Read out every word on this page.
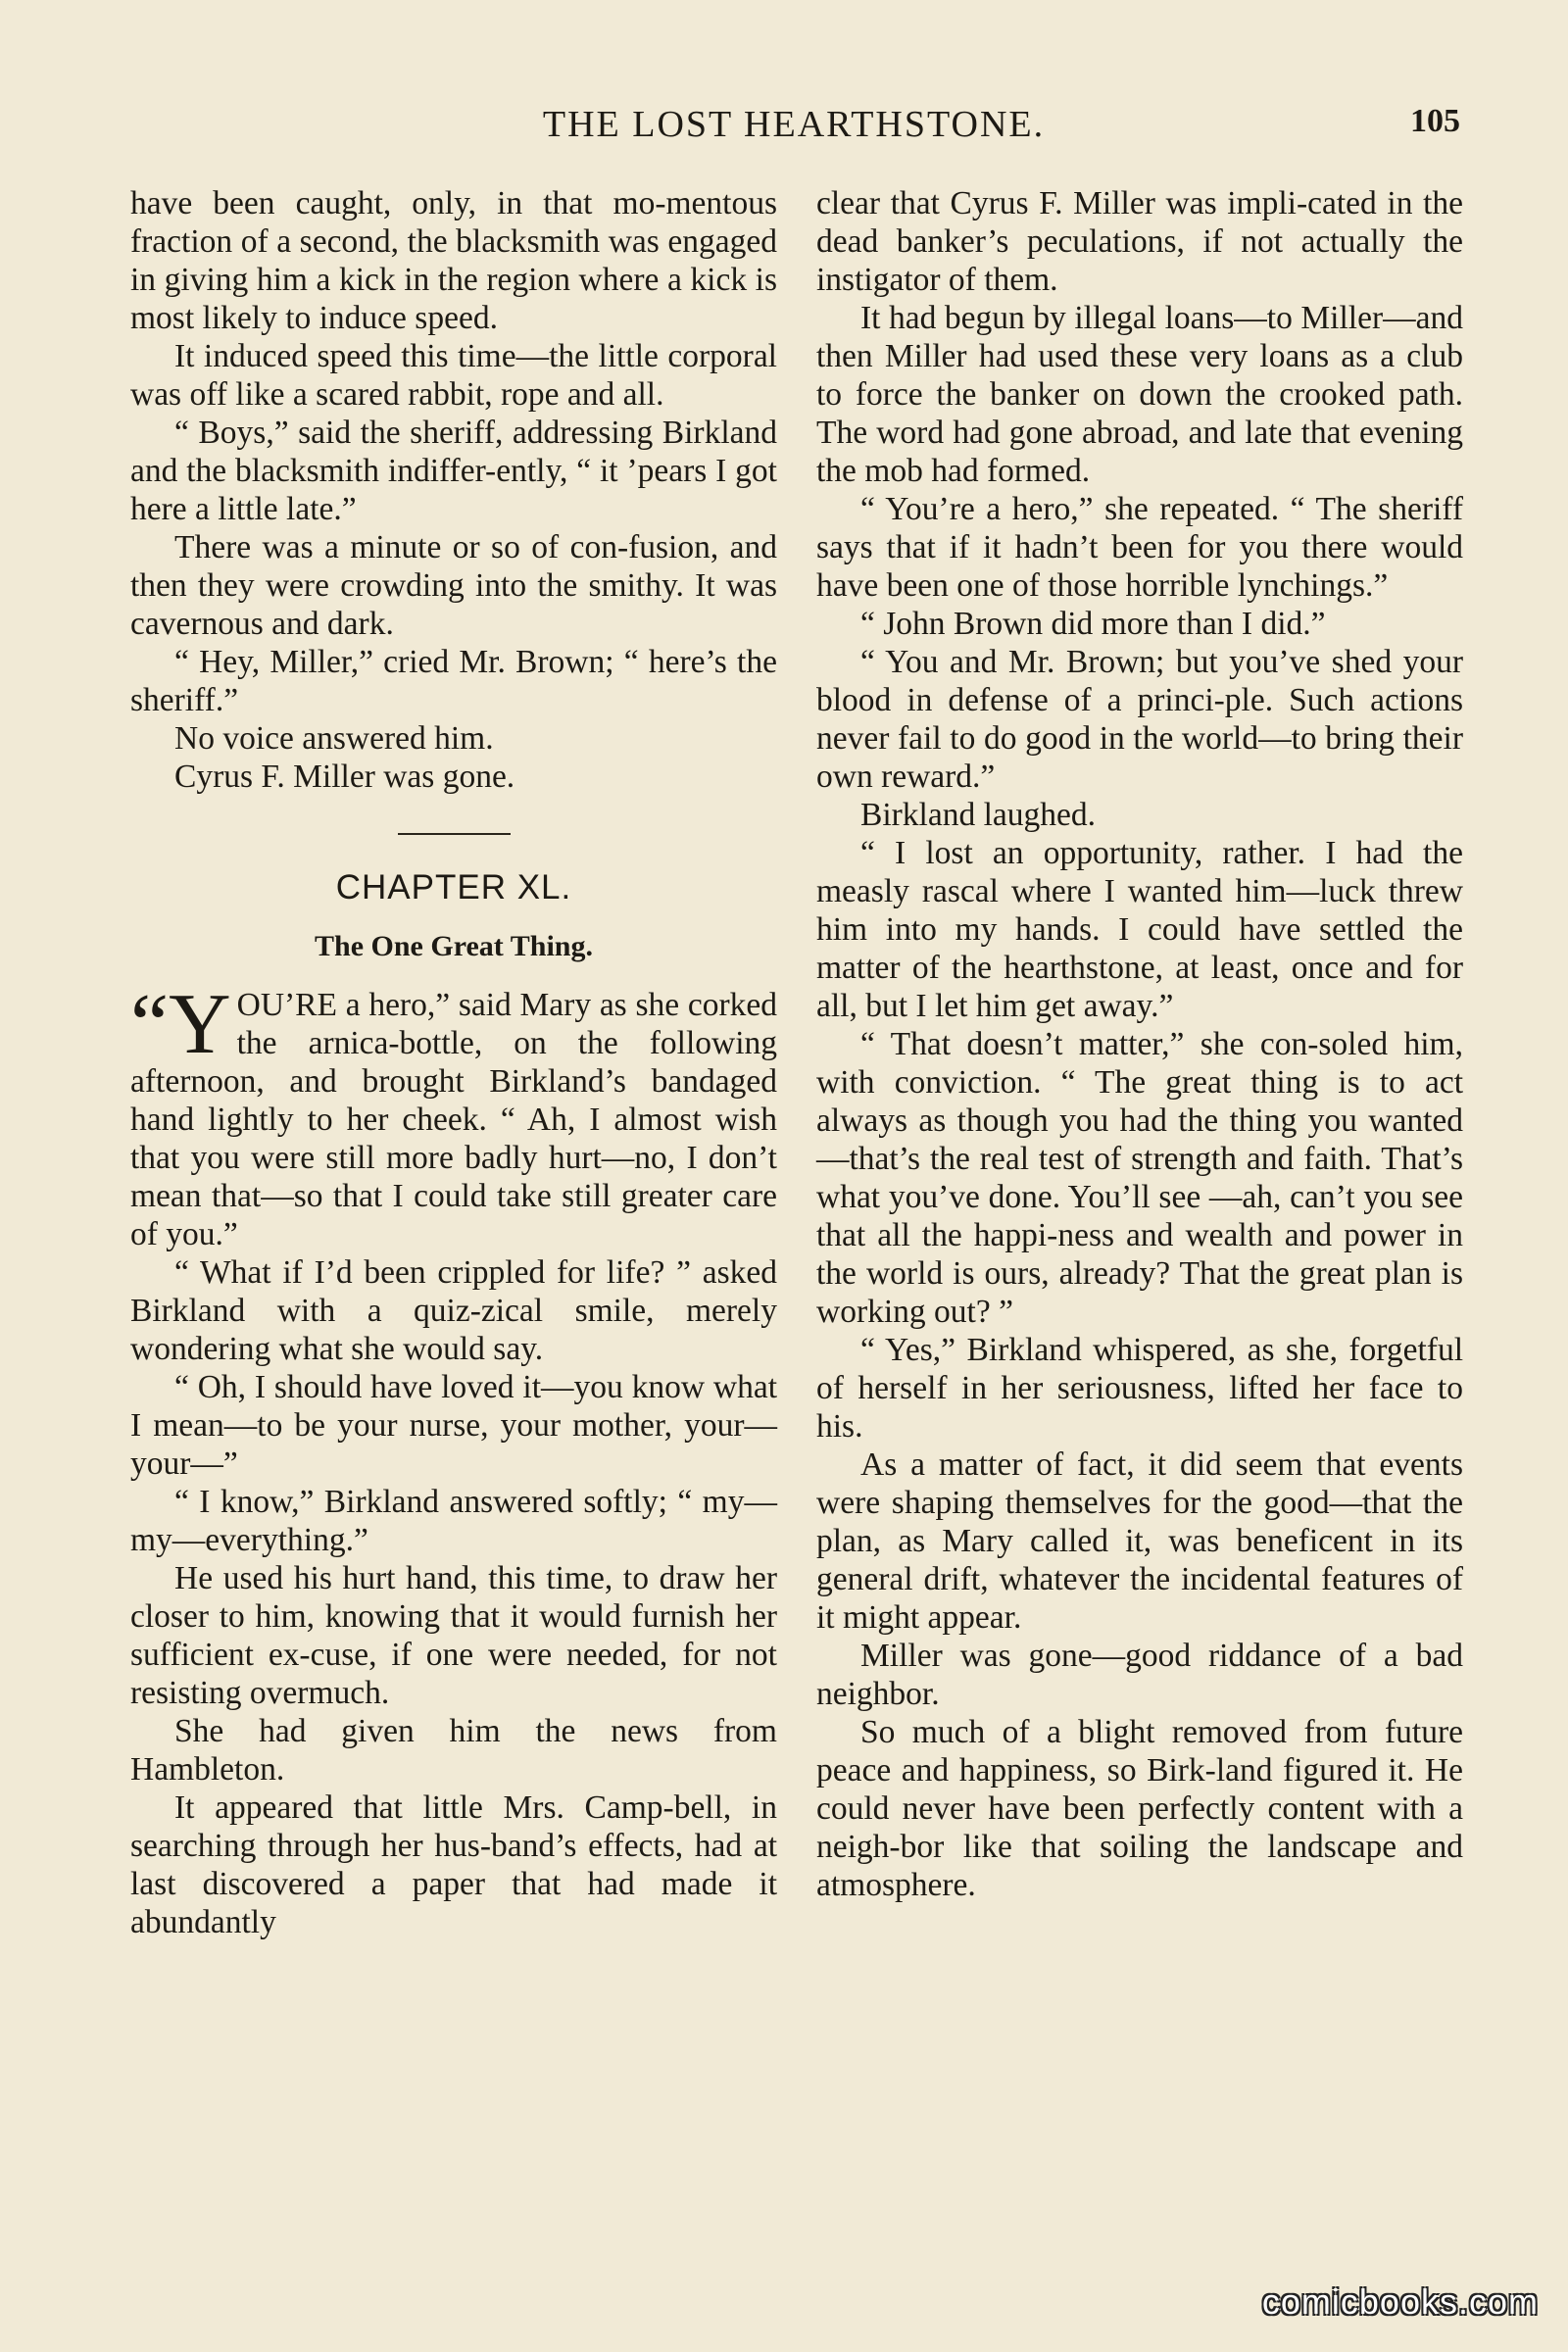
THE LOST HEARTHSTONE.	105

have been caught, only, in that mo-mentous fraction of a second, the blacksmith was engaged in giving him a kick in the region where a kick is most likely to induce speed.

It induced speed this time—the little corporal was off like a scared rabbit, rope and all.

“ Boys,” said the sheriff, addressing Birkland and the blacksmith indiffer-ently, “ it ’pears I got here a little late.”

There was a minute or so of con-fusion, and then they were crowding into the smithy. It was cavernous and dark.

“ Hey, Miller,” cried Mr. Brown; “ here’s the sheriff.”

No voice answered him.

Cyrus F. Miller was gone.

CHAPTER XL.
The One Great Thing.

“Y OU’RE a hero,” said Mary as she corked the arnica-bottle, on the following afternoon, and brought Birkland’s bandaged hand lightly to her cheek. “ Ah, I almost wish that you were still more badly hurt—no, I don’t mean that—so that I could take still greater care of you.”

“ What if I’d been crippled for life? ” asked Birkland with a quiz-zical smile, merely wondering what she would say.

“ Oh, I should have loved it—you know what I mean—to be your nurse, your mother, your—your—”

“ I know,” Birkland answered softly; “ my—my—everything.”

He used his hurt hand, this time, to draw her closer to him, knowing that it would furnish her sufficient ex-cuse, if one were needed, for not resisting overmuch.

She had given him the news from Hambleton.

It appeared that little Mrs. Camp-bell, in searching through her hus-band’s effects, had at last discovered a paper that had made it abundantly

clear that Cyrus F. Miller was impli-cated in the dead banker’s peculations, if not actually the instigator of them.

It had begun by illegal loans—to Miller—and then Miller had used these very loans as a club to force the banker on down the crooked path. The word had gone abroad, and late that evening the mob had formed.

“ You’re a hero,” she repeated. “ The sheriff says that if it hadn’t been for you there would have been one of those horrible lynchings.”

“ John Brown did more than I did.”

“ You and Mr. Brown; but you’ve shed your blood in defense of a princi-ple. Such actions never fail to do good in the world—to bring their own reward.”

Birkland laughed.

“ I lost an opportunity, rather. I had the measly rascal where I wanted him—luck threw him into my hands. I could have settled the matter of the hearthstone, at least, once and for all, but I let him get away.”

“ That doesn’t matter,” she con-soled him, with conviction. “ The great thing is to act always as though you had the thing you wanted—that’s the real test of strength and faith. That’s what you’ve done. You’ll see —ah, can’t you see that all the happi-ness and wealth and power in the world is ours, already? That the great plan is working out? ”

“ Yes,” Birkland whispered, as she, forgetful of herself in her seriousness, lifted her face to his.

As a matter of fact, it did seem that events were shaping themselves for the good—that the plan, as Mary called it, was beneficent in its general drift, whatever the incidental features of it might appear.

Miller was gone—good riddance of a bad neighbor.

So much of a blight removed from future peace and happiness, so Birk-land figured it. He could never have been perfectly content with a neigh-bor like that soiling the landscape and atmosphere.

comicbooks.com
